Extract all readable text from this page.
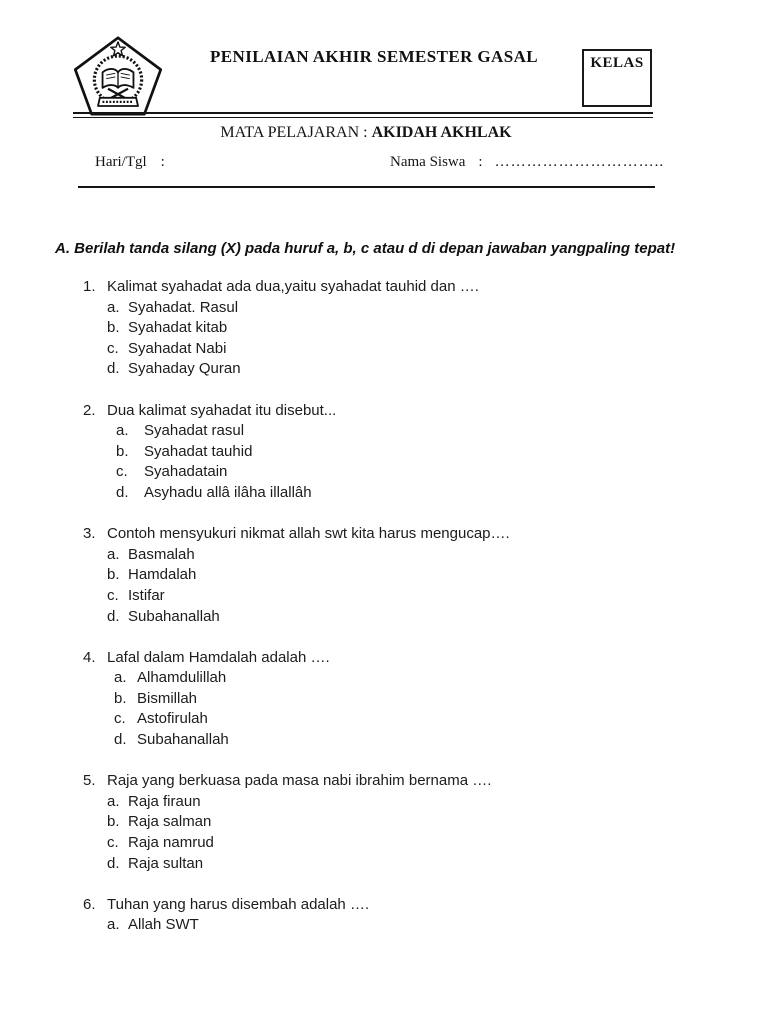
PENILAIAN AKHIR SEMESTER GASAL	KELAS
MATA PELAJARAN : AKIDAH AKHLAK
Hari/Tgl :	Nama Siswa : …………………………..
A. Berilah tanda silang (X) pada huruf a, b, c atau d di depan jawaban yangpaling tepat!
1. Kalimat syahadat ada dua,yaitu syahadat tauhid dan ….
a. Syahadat. Rasul
b. Syahadat kitab
c. Syahadat Nabi
d. Syahaday Quran
2. Dua kalimat syahadat itu disebut...
a.	Syahadat rasul
b.	Syahadat tauhid
c.	Syahadatain
d.	Asyhadu allâ ilâha illallâh
3. Contoh mensyukuri nikmat allah swt kita harus mengucap….
a. Basmalah
b. Hamdalah
c. Istifar
d. Subahanallah
4. Lafal dalam Hamdalah adalah ….
a. Alhamdulillah
b. Bismillah
c. Astofirulah
d. Subahanallah
5. Raja yang berkuasa pada masa nabi ibrahim bernama ….
a. Raja firaun
b. Raja salman
c. Raja namrud
d. Raja sultan
6. Tuhan yang harus disembah adalah ….
a. Allah SWT
